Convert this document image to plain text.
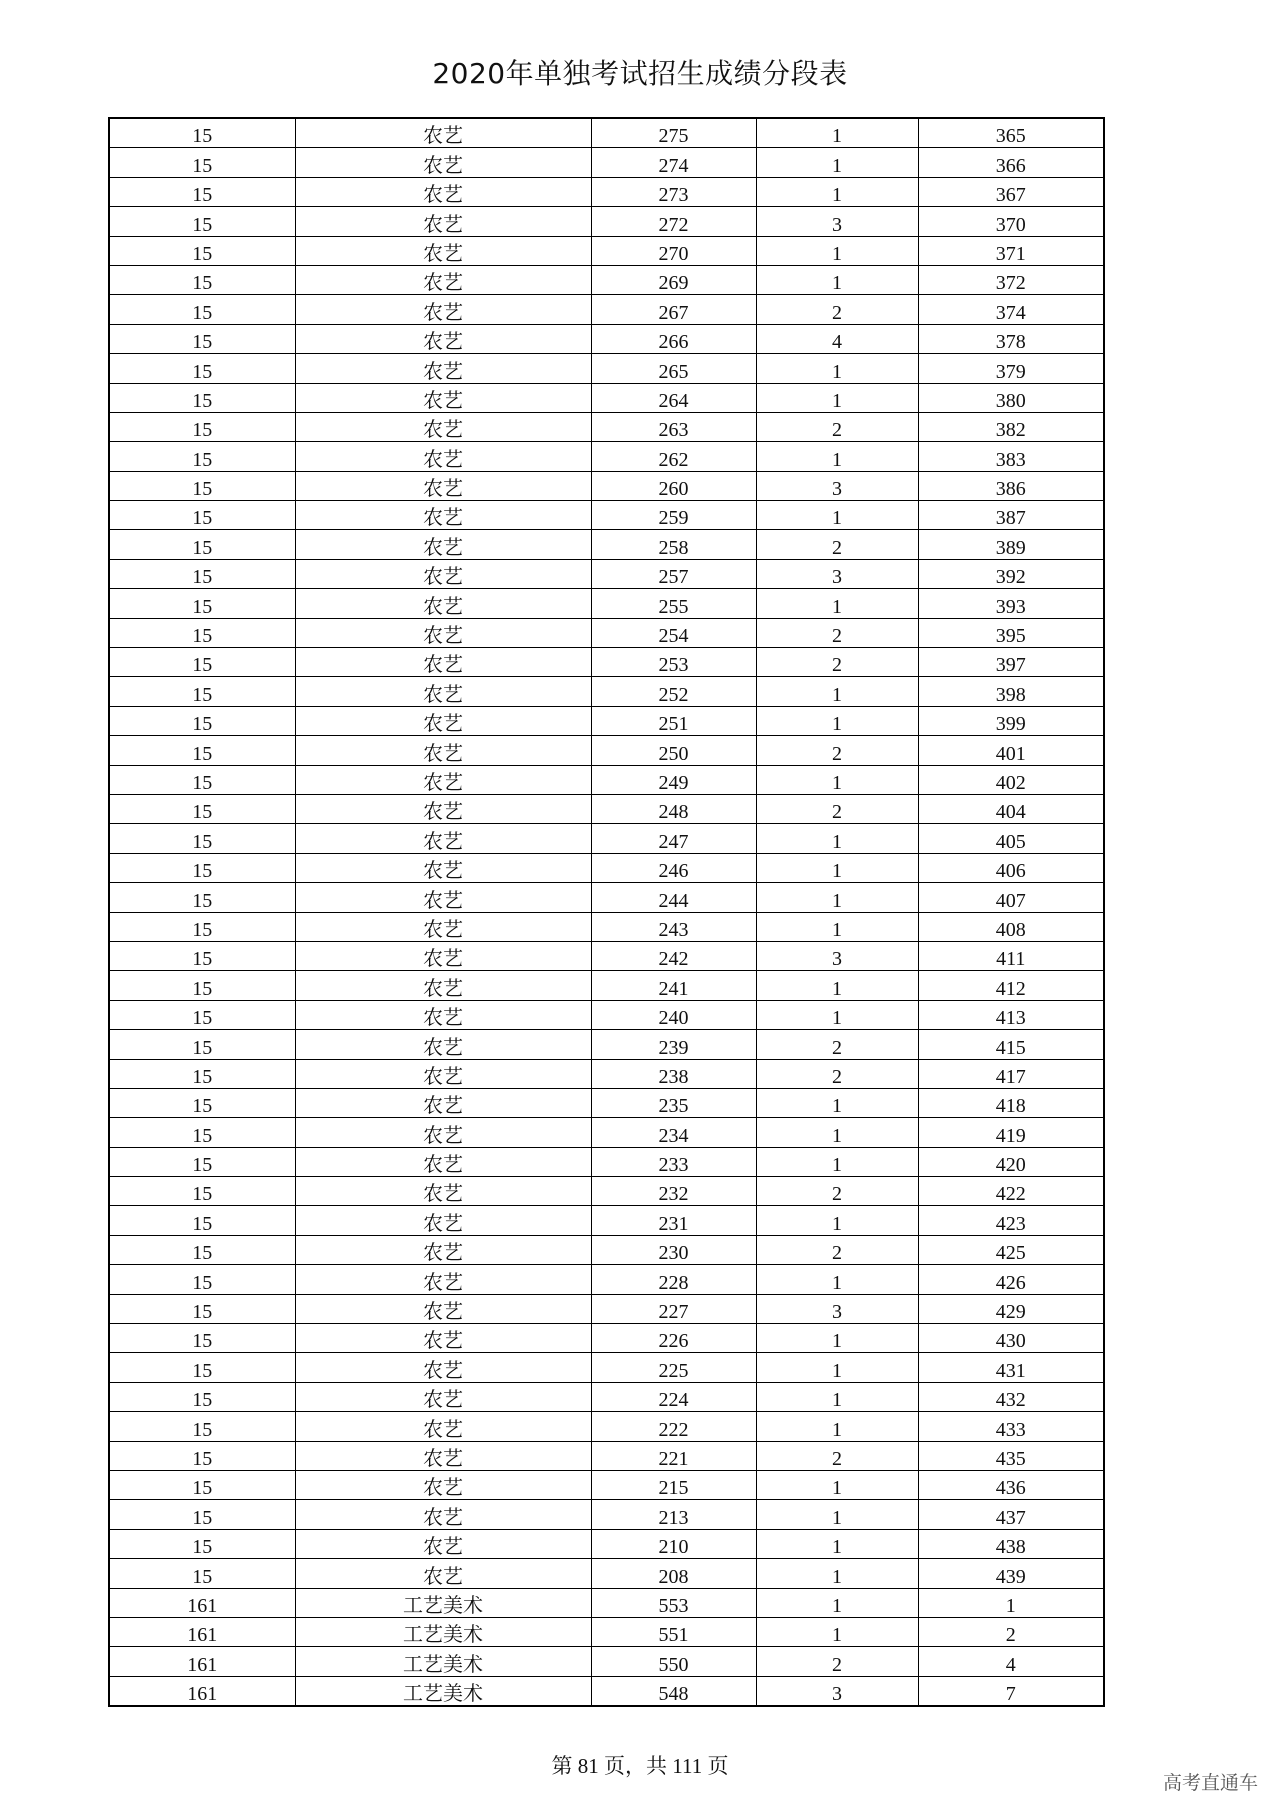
2020年单独考试招生成绩分段表
15	农艺	275	1	365
15	农艺	274	1	366
15	农艺	273	1	367
15	农艺	272	3	370
15	农艺	270	1	371
15	农艺	269	1	372
15	农艺	267	2	374
15	农艺	266	4	378
15	农艺	265	1	379
15	农艺	264	1	380
15	农艺	263	2	382
15	农艺	262	1	383
15	农艺	260	3	386
15	农艺	259	1	387
15	农艺	258	2	389
15	农艺	257	3	392
15	农艺	255	1	393
15	农艺	254	2	395
15	农艺	253	2	397
15	农艺	252	1	398
15	农艺	251	1	399
15	农艺	250	2	401
15	农艺	249	1	402
15	农艺	248	2	404
15	农艺	247	1	405
15	农艺	246	1	406
15	农艺	244	1	407
15	农艺	243	1	408
15	农艺	242	3	411
15	农艺	241	1	412
15	农艺	240	1	413
15	农艺	239	2	415
15	农艺	238	2	417
15	农艺	235	1	418
15	农艺	234	1	419
15	农艺	233	1	420
15	农艺	232	2	422
15	农艺	231	1	423
15	农艺	230	2	425
15	农艺	228	1	426
15	农艺	227	3	429
15	农艺	226	1	430
15	农艺	225	1	431
15	农艺	224	1	432
15	农艺	222	1	433
15	农艺	221	2	435
15	农艺	215	1	436
15	农艺	213	1	437
15	农艺	210	1	438
15	农艺	208	1	439
161	工艺美术	553	1	1
161	工艺美术	551	1	2
161	工艺美术	550	2	4
161	工艺美术	548	3	7
第 81 页，共 111 页
高考直通车
